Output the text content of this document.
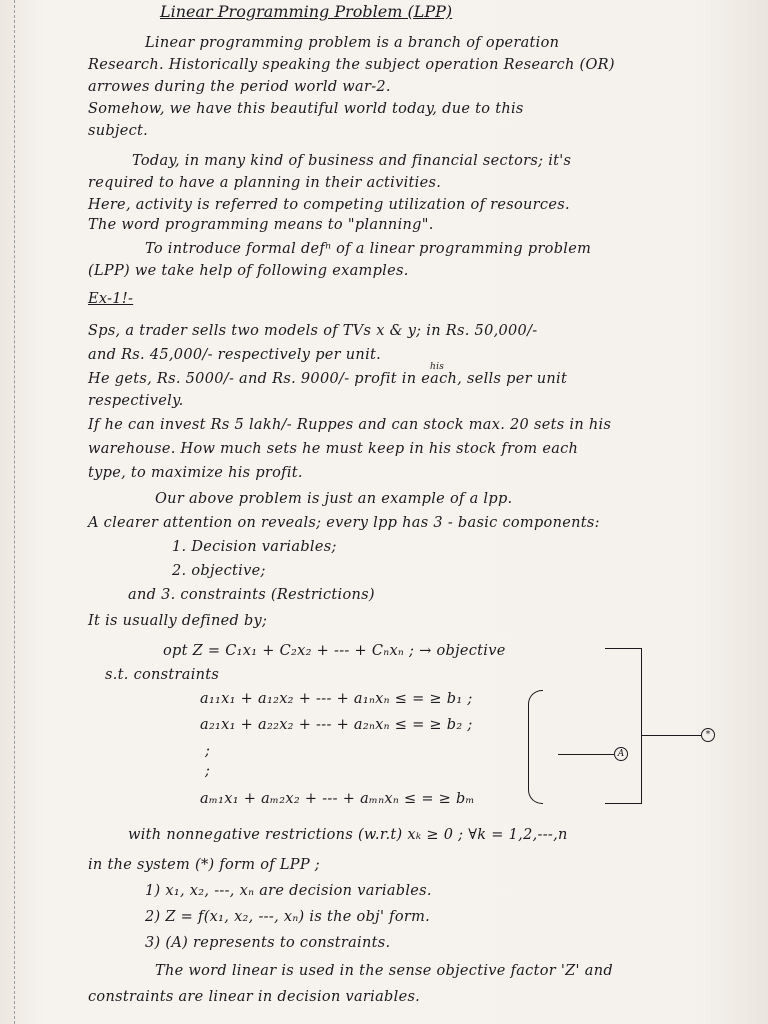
Linear Programming Problem (LPP)
Linear programming problem is a branch of operation
Research. Historically speaking the subject operation Research (OR)
arrowes during the period world war-2.
Somehow, we have this beautiful world today, due to this
subject.
Today, in many kind of business and financial sectors; it's
required to have a planning in their activities.
Here, activity is referred to competing utilization of resources.
The word programming means to "planning".
To introduce formal defⁿ of a linear programming problem
(LPP) we take help of following examples.
Ex-1!-
Sps, a trader sells two models of TVs x & y; in Rs. 50,000/-
and Rs. 45,000/- respectively per unit.
his
He gets, Rs. 5000/- and Rs. 9000/- profit in each, sells per unit
respectively.
If he can invest Rs 5 lakh/- Ruppes and can stock max. 20 sets in his
warehouse. How much sets he must keep in his stock from each
type, to maximize his profit.
Our above problem is just an example of a lpp.
A clearer attention on reveals; every lpp has 3 - basic components:
1. Decision variables;
2. objective;
and 3. constraints (Restrictions)
It is usually defined by;
opt Z = C₁x₁ + C₂x₂ + --- + Cₙxₙ ; → objective
s.t. constraints
a₁₁x₁ + a₁₂x₂ + --- + a₁ₙxₙ ≤ = ≥ b₁ ;
a₂₁x₁ + a₂₂x₂ + --- + a₂ₙxₙ ≤ = ≥ b₂ ;
;
;
aₘ₁x₁ + aₘ₂x₂ + --- + aₘₙxₙ ≤ = ≥ bₘ
A
*
with nonnegative restrictions (w.r.t) xₖ ≥ 0 ; ∀k = 1,2,---,n
in the system (*) form of LPP ;
1) x₁, x₂, ---, xₙ are decision variables.
2) Z = f(x₁, x₂, ---, xₙ) is the obj' form.
3) (A) represents to constraints.
The word linear is used in the sense objective factor 'Z' and
constraints are linear in decision variables.
